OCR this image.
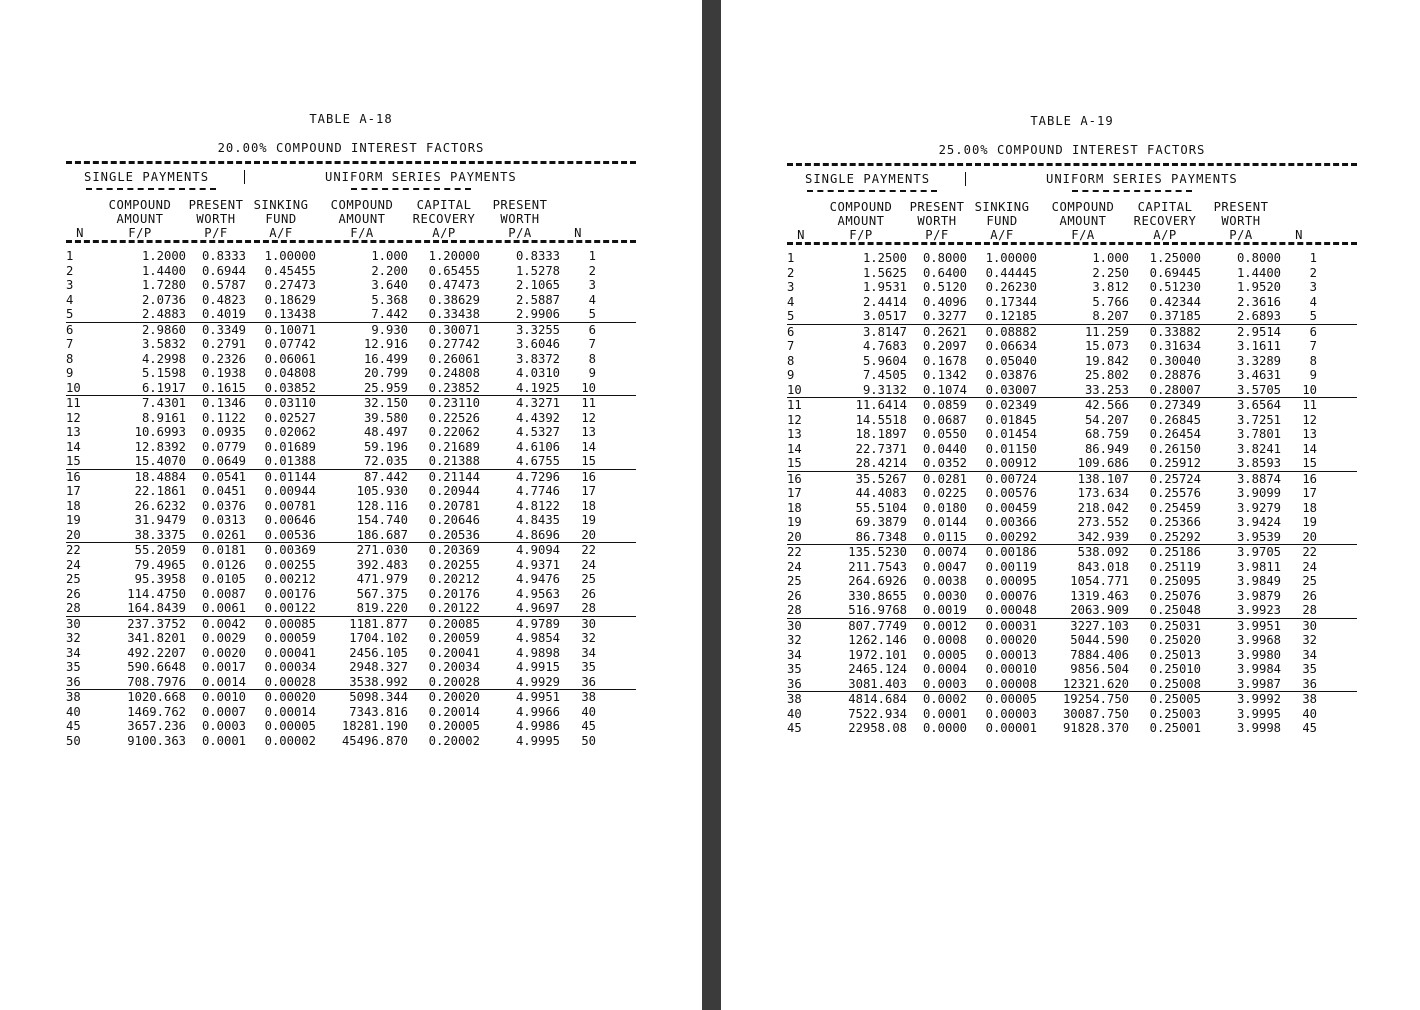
TABLE A-18
20.00% COMPOUND INTEREST FACTORS
SINGLE PAYMENTS	UNIFORM SERIES PAYMENTS
N
COMPOUND
AMOUNT
F/P
PRESENT
WORTH
P/F
SINKING
FUND
A/F
COMPOUND
AMOUNT
F/A
CAPITAL
RECOVERY
A/P
PRESENT
WORTH
P/A	N
1	1.2000	0.8333	1.00000	1.000	1.20000	0.8333	1
2	1.4400	0.6944	0.45455	2.200	0.65455	1.5278	2
3	1.7280	0.5787	0.27473	3.640	0.47473	2.1065	3
4	2.0736	0.4823	0.18629	5.368	0.38629	2.5887	4
5	2.4883	0.4019	0.13438	7.442	0.33438	2.9906	5
6	2.9860	0.3349	0.10071	9.930	0.30071	3.3255	6
7	3.5832	0.2791	0.07742	12.916	0.27742	3.6046	7
8	4.2998	0.2326	0.06061	16.499	0.26061	3.8372	8
9	5.1598	0.1938	0.04808	20.799	0.24808	4.0310	9
10	6.1917	0.1615	0.03852	25.959	0.23852	4.1925	10
11	7.4301	0.1346	0.03110	32.150	0.23110	4.3271	11
12	8.9161	0.1122	0.02527	39.580	0.22526	4.4392	12
13	10.6993	0.0935	0.02062	48.497	0.22062	4.5327	13
14	12.8392	0.0779	0.01689	59.196	0.21689	4.6106	14
15	15.4070	0.0649	0.01388	72.035	0.21388	4.6755	15
16	18.4884	0.0541	0.01144	87.442	0.21144	4.7296	16
17	22.1861	0.0451	0.00944	105.930	0.20944	4.7746	17
18	26.6232	0.0376	0.00781	128.116	0.20781	4.8122	18
19	31.9479	0.0313	0.00646	154.740	0.20646	4.8435	19
20	38.3375	0.0261	0.00536	186.687	0.20536	4.8696	20
22	55.2059	0.0181	0.00369	271.030	0.20369	4.9094	22
24	79.4965	0.0126	0.00255	392.483	0.20255	4.9371	24
25	95.3958	0.0105	0.00212	471.979	0.20212	4.9476	25
26	114.4750	0.0087	0.00176	567.375	0.20176	4.9563	26
28	164.8439	0.0061	0.00122	819.220	0.20122	4.9697	28
30	237.3752	0.0042	0.00085	1181.877	0.20085	4.9789	30
32	341.8201	0.0029	0.00059	1704.102	0.20059	4.9854	32
34	492.2207	0.0020	0.00041	2456.105	0.20041	4.9898	34
35	590.6648	0.0017	0.00034	2948.327	0.20034	4.9915	35
36	708.7976	0.0014	0.00028	3538.992	0.20028	4.9929	36
38	1020.668	0.0010	0.00020	5098.344	0.20020	4.9951	38
40	1469.762	0.0007	0.00014	7343.816	0.20014	4.9966	40
45	3657.236	0.0003	0.00005	18281.190	0.20005	4.9986	45
50	9100.363	0.0001	0.00002	45496.870	0.20002	4.9995	50
TABLE A-19
25.00% COMPOUND INTEREST FACTORS
SINGLE PAYMENTS	UNIFORM SERIES PAYMENTS
N
COMPOUND
AMOUNT
F/P
PRESENT
WORTH
P/F
SINKING
FUND
A/F
COMPOUND
AMOUNT
F/A
CAPITAL
RECOVERY
A/P
PRESENT
WORTH
P/A	N
1	1.2500	0.8000	1.00000	1.000	1.25000	0.8000	1
2	1.5625	0.6400	0.44445	2.250	0.69445	1.4400	2
3	1.9531	0.5120	0.26230	3.812	0.51230	1.9520	3
4	2.4414	0.4096	0.17344	5.766	0.42344	2.3616	4
5	3.0517	0.3277	0.12185	8.207	0.37185	2.6893	5
6	3.8147	0.2621	0.08882	11.259	0.33882	2.9514	6
7	4.7683	0.2097	0.06634	15.073	0.31634	3.1611	7
8	5.9604	0.1678	0.05040	19.842	0.30040	3.3289	8
9	7.4505	0.1342	0.03876	25.802	0.28876	3.4631	9
10	9.3132	0.1074	0.03007	33.253	0.28007	3.5705	10
11	11.6414	0.0859	0.02349	42.566	0.27349	3.6564	11
12	14.5518	0.0687	0.01845	54.207	0.26845	3.7251	12
13	18.1897	0.0550	0.01454	68.759	0.26454	3.7801	13
14	22.7371	0.0440	0.01150	86.949	0.26150	3.8241	14
15	28.4214	0.0352	0.00912	109.686	0.25912	3.8593	15
16	35.5267	0.0281	0.00724	138.107	0.25724	3.8874	16
17	44.4083	0.0225	0.00576	173.634	0.25576	3.9099	17
18	55.5104	0.0180	0.00459	218.042	0.25459	3.9279	18
19	69.3879	0.0144	0.00366	273.552	0.25366	3.9424	19
20	86.7348	0.0115	0.00292	342.939	0.25292	3.9539	20
22	135.5230	0.0074	0.00186	538.092	0.25186	3.9705	22
24	211.7543	0.0047	0.00119	843.018	0.25119	3.9811	24
25	264.6926	0.0038	0.00095	1054.771	0.25095	3.9849	25
26	330.8655	0.0030	0.00076	1319.463	0.25076	3.9879	26
28	516.9768	0.0019	0.00048	2063.909	0.25048	3.9923	28
30	807.7749	0.0012	0.00031	3227.103	0.25031	3.9951	30
32	1262.146	0.0008	0.00020	5044.590	0.25020	3.9968	32
34	1972.101	0.0005	0.00013	7884.406	0.25013	3.9980	34
35	2465.124	0.0004	0.00010	9856.504	0.25010	3.9984	35
36	3081.403	0.0003	0.00008	12321.620	0.25008	3.9987	36
38	4814.684	0.0002	0.00005	19254.750	0.25005	3.9992	38
40	7522.934	0.0001	0.00003	30087.750	0.25003	3.9995	40
45	22958.08	0.0000	0.00001	91828.370	0.25001	3.9998	45
